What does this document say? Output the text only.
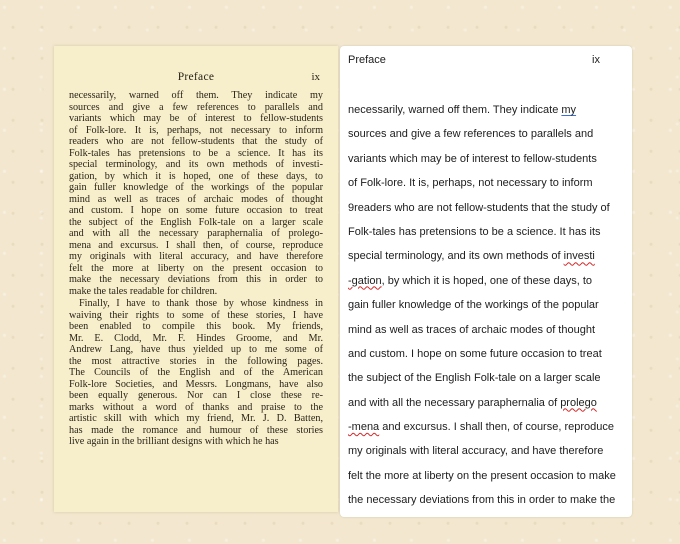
Preface	ix
necessarily, warned off them. They indicate my
sources and give a few references to parallels and
variants which may be of interest to fellow-students
of Folk-lore. It is, perhaps, not necessary to inform
readers who are not fellow-students that the study of
Folk-tales has pretensions to be a science. It has its
special terminology, and its own methods of investi-
gation, by which it is hoped, one of these days, to
gain fuller knowledge of the workings of the popular
mind as well as traces of archaic modes of thought
and custom. I hope on some future occasion to treat
the subject of the English Folk-tale on a larger scale
and with all the necessary paraphernalia of prolego-
mena and excursus. I shall then, of course, reproduce
my originals with literal accuracy, and have therefore
felt the more at liberty on the present occasion to
make the necessary deviations from this in order to
make the tales readable for children.
Finally, I have to thank those by whose kindness in
waiving their rights to some of these stories, I have
been enabled to compile this book. My friends,
Mr. E. Clodd, Mr. F. Hindes Groome, and Mr.
Andrew Lang, have thus yielded up to me some of
the most attractive stories in the following pages.
The Councils of the English and of the American
Folk-lore Societies, and Messrs. Longmans, have also
been equally generous. Nor can I close these re-
marks without a word of thanks and praise to the
artistic skill with which my friend, Mr. J. D. Batten,
has made the romance and humour of these stories
live again in the brilliant designs with which he has
Preface	ix
necessarily, warned off them. They indicate my
sources and give a few references to parallels and
variants which may be of interest to fellow-students
of Folk-lore. It is, perhaps, not necessary to inform
9readers who are not fellow-students that the study of
Folk-tales has pretensions to be a science. It has its
special terminology, and its own methods of investi
-gation, by which it is hoped, one of these days, to
gain fuller knowledge of the workings of the popular
mind as well as traces of archaic modes of thought
and custom. I hope on some future occasion to treat
the subject of the English Folk-tale on a larger scale
and with all the necessary paraphernalia of prolego
-mena and excursus. I shall then, of course, reproduce
my originals with literal accuracy, and have therefore
felt the more at liberty on the present occasion to make
the necessary deviations from this in order to make the
